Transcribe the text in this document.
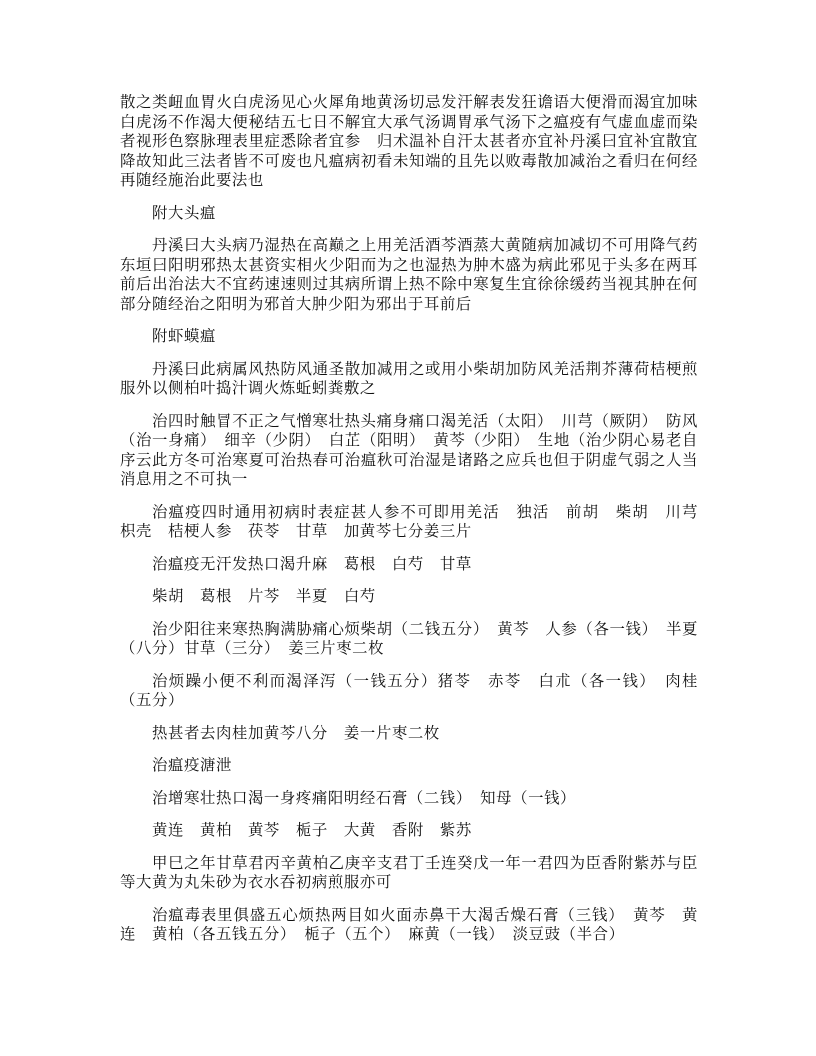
散之类衄血胃火白虎汤见心火犀角地黄汤切忌发汗解表发狂谵语大便滑而渴宜加味白虎汤不作渴大便秘结五七日不解宜大承气汤调胃承气汤下之瘟疫有气虚血虚而染者视形色察脉理表里症悉除者宜参　归术温补自汗太甚者亦宜补丹溪曰宜补宜散宜降故知此三法者皆不可废也凡瘟病初看未知端的且先以败毒散加减治之看归在何经再随经施治此要法也

附大头瘟

丹溪曰大头病乃湿热在高巅之上用羌活酒芩酒蒸大黄随病加减切不可用降气药东垣曰阳明邪热太甚资实相火少阳而为之也湿热为肿木盛为病此邪见于头多在两耳前后出治法大不宜药速速则过其病所谓上热不除中寒复生宜徐徐缓药当视其肿在何部分随经治之阳明为邪首大肿少阳为邪出于耳前后

附虾蟆瘟

丹溪曰此病属风热防风通圣散加减用之或用小柴胡加防风羌活荆芥薄荷桔梗煎服外以侧柏叶捣汁调火炼蚯蚓粪敷之

治四时触冒不正之气憎寒壮热头痛身痛口渴羌活（太阳）　川芎（厥阴）　防风（治一身痛）　细辛（少阴）　白芷（阳明）　黄芩（少阳）　生地（治少阴心易老自序云此方冬可治寒夏可治热春可治瘟秋可治湿是诸路之应兵也但于阴虚气弱之人当消息用之不可执一

治瘟疫四时通用初病时表症甚人参不可即用羌活　独活　前胡　柴胡　川芎　枳壳　桔梗人参　茯苓　甘草　加黄芩七分姜三片

治瘟疫无汗发热口渴升麻　葛根　白芍　甘草

柴胡　葛根　片芩　半夏　白芍

治少阳往来寒热胸满胁痛心烦柴胡（二钱五分）　黄芩　人参（各一钱）　半夏（八分）甘草（三分）　姜三片枣二枚

治烦躁小便不利而渴泽泻（一钱五分）猪苓　赤苓　白朮（各一钱）　肉桂（五分）

热甚者去肉桂加黄芩八分　姜一片枣二枚

治瘟疫溏泄

治增寒壮热口渴一身疼痛阳明经石膏（二钱）　知母（一钱）

黄连　黄柏　黄芩　栀子　大黄　香附　紫苏

甲巳之年甘草君丙辛黄柏乙庚辛支君丁壬连癸戊一年一君四为臣香附紫苏与臣等大黄为丸朱砂为衣水吞初病煎服亦可

治瘟毒表里俱盛五心烦热两目如火面赤鼻干大渴舌燥石膏（三钱）　黄芩　黄连　黄柏（各五钱五分）　栀子（五个）　麻黄（一钱）　淡豆豉（半合）
